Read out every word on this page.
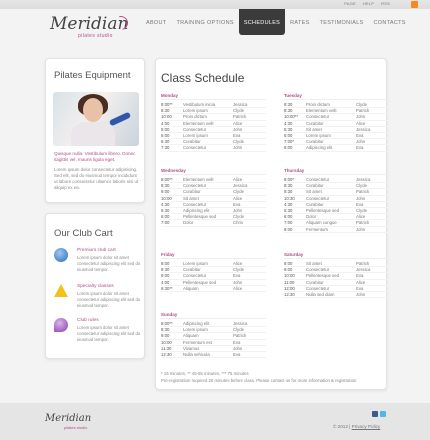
PAGE HELP RSS
Meridian
pilates studio
ABOUT	TRAINING OPTIONS	SCHEDULES	RATES	TESTIMONIALS	CONTACTS
Pilates Equipment
Quisque nulla. Vestibulum libero. Donec sagittis vel, mauris ligula eget.
Lorem ipsum dolor consectetur adipisicing. Sed elit, sed do eiusmod tempor incididunt ut labore consectetur ullamco laboris nisi ut aliquip ex ea.
Our Club Cart
Premium club cart
Lorem ipsum dolor sit amet consectetur adipiscing elit sed do eiusmod tempor.
Specialty classes
Lorem ipsum dolor sit amet consectetur adipiscing elit sed do eiusmod tempor.
Club rules
Lorem ipsum dolor sit amet consectetur adipiscing elit sed do eiusmod tempor.
Class Schedule
Monday
8:00**	Vestibulum inicia	Jessica
8:30	Lorem ipsum	Clyde
10:00	Proin dictum	Patrick
4:00	Elementum velit	Alice
5:00	Consectetur	John
6:00	Lorem ipsum	Eva
6:30	Curabitur	Clyde
7:30	Consectetur	John
Tuesday
8:30	Proin dictum	Clyde
8:30	Elementum velit	Patrick
10:00**	Consectetur	John
4:30	Curabitur	Alice
5:30	Sit amet	Jessica
6:00	Lorem ipsum	Eva
7:00*	Curabitur	John
8:00	Adipiscing elit	Eva
Wednesday
8:00**	Elementum velit	Alice
8:30	Consectetur	Jessica
9:00	Curabitur	Clyde
10:00	Sit amet	Alice
4:30	Consectetur	Eva
5:30	Adipiscing elit	John
6:00	Pellentesque sed	Clyde
7:00	Dolor	Chris
Thursday
8:00*	Consectetur	Jessica
8:30	Curabitur	Clyde
9:30	Sit amet	Patrick
10:30	Consectetur	John
4:30	Curabitur	Eva
5:30	Pellentesque sed	Clyde
6:00	Dolor	Alice
7:00	Aliquam congue	Patrick
8:00	Fermentum	John
Friday
8:00	Lorem ipsum	Alice
8:30	Curabitur	Clyde
9:00	Consectetur	Eva
4:00	Pellentesque sed	John
6:30**	Aliquam	Alice
Saturday
8:00	Sit amet	Patrick
9:00	Consectetur	Jessica
10:00	Pellentesque sed	Eva
11:00	Curabitur	Alice
12:00	Consectetur	Eva
12:30	Nulla sed diam	John
Sunday
8:00**	Adipiscing elit	Jessica
8:30	Lorem ipsum	Clyde
9:00	Aliquam	Patrick
10:00	Fermentum est	Eva
11:30	Vivamus	John
12:30	Nulla vehicula	Eva
* 15 minutes, ** 45-55 minutes, *** 75 minutes
Pre-registration required 20 minutes before class. Please contact us for more information & registration
Meridian
pilates studio	© 2012 | Privacy Policy
